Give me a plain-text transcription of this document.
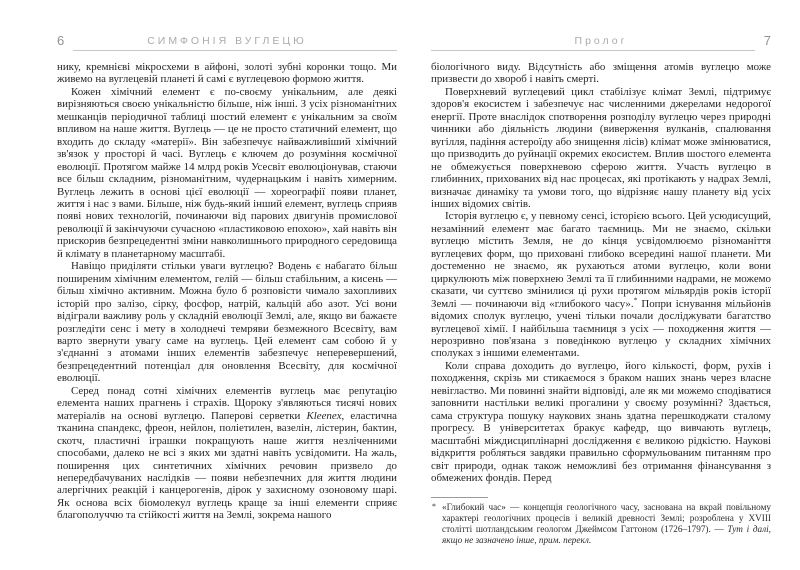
6	СИМФОНІЯ ВУГЛЕЦЮ

нику, кремнієві мікросхеми в айфоні, золоті зубні коронки тощо. Ми живемо на вуглецевій планеті й самі є вуглецевою формою життя.

Кожен хімічний елемент є по-своєму унікальним, але деякі вирізняються своєю унікальністю більше, ніж інші. З усіх різноманітних мешканців періодичної таблиці шостий елемент є унікальним за своїм впливом на наше життя. Вуглець — це не просто статичний елемент, що входить до складу «матерії». Він забезпечує найважливіший хімічний зв'язок у просторі й часі. Вуглець є ключем до розуміння космічної еволюції. Протягом майже 14 млрд років Усесвіт еволюціонував, стаючи все більш складним, різноманітним, чудернацьким і навіть химерним. Вуглець лежить в основі цієї еволюції — хореографії появи планет, життя і нас з вами. Більше, ніж будь-який інший елемент, вуглець сприяв появі нових технологій, починаючи від парових двигунів промислової революції й закінчуючи сучасною «пластиковою епохою», хай навіть він прискорив безпрецедентні зміни навколишнього природного середовища й клімату в планетарному масштабі.

Навіщо приділяти стільки уваги вуглецю? Водень є набагато більш поширеним хімічним елементом, гелій — більш стабільним, а кисень — більш хімічно активним. Можна було б розповісти чимало захопливих історій про залізо, сірку, фосфор, натрій, кальцій або азот. Усі вони відіграли важливу роль у складній еволюції Землі, але, якщо ви бажаєте розгледіти сенс і мету в холоднечі темряви безмежного Всесвіту, вам варто звернути увагу саме на вуглець. Цей елемент сам собою й у з'єднанні з атомами інших елементів забезпечує неперевершений, безпрецедентний потенціал для оновлення Всесвіту, для космічної еволюції.

Серед понад сотні хімічних елементів вуглець має репутацію елемента наших прагнень і страхів. Щороку з'являються тисячі нових матеріалів на основі вуглецю. Паперові серветки Kleenex, еластична тканина спандекс, фреон, нейлон, поліетилен, вазелін, лістерин, бактин, скотч, пластичні іграшки покращують наше життя незліченними способами, далеко не всі з яких ми здатні навіть усвідомити. На жаль, поширення цих синтетичних хімічних речовин призвело до непередбачуваних наслідків — появи небезпечних для життя людини алергічних реакцій і канцерогенів, дірок у захисному озоновому шарі. Як основа всіх біомолекул вуглець краще за інші елементи сприяє благополуччю та стійкості життя на Землі, зокрема нашого

Пролог	7

біологічного виду. Відсутність або зміщення атомів вуглецю може призвести до хвороб і навіть смерті.

Поверхневий вуглецевий цикл стабілізує клімат Землі, підтримує здоров'я екосистем і забезпечує нас численними джерелами недорогої енергії. Проте внаслідок спотворення розподілу вуглецю через природні чинники або діяльність людини (виверження вулканів, спалювання вугілля, падіння астероїду або знищення лісів) клімат може змінюватися, що призводить до руйнації окремих екосистем. Вплив шостого елемента не обмежується поверхневою сферою життя. Участь вуглецю в глибинних, прихованих від нас процесах, які протікають у надрах Землі, визначає динаміку та умови того, що відрізняє нашу планету від усіх інших відомих світів.

Історія вуглецю є, у певному сенсі, історією всього. Цей усюдисущий, незамінний елемент має багато таємниць. Ми не знаємо, скільки вуглецю містить Земля, не до кінця усвідомлюємо різноманіття вуглецевих форм, що приховані глибоко всередині нашої планети. Ми достеменно не знаємо, як рухаються атоми вуглецю, коли вони циркулюють між поверхнею Землі та її глибинними надрами, не можемо сказати, чи суттєво змінилися ці рухи протягом мільярдів років історії Землі — починаючи від «глибокого часу».* Попри існування мільйонів відомих сполук вуглецю, учені тільки почали досліджувати багатство вуглецевої хімії. І найбільша таємниця з усіх — походження життя — нерозривно пов'язана з поведінкою вуглецю у складних хімічних сполуках з іншими елементами.

Коли справа доходить до вуглецю, його кількості, форм, рухів і походження, скрізь ми стикаємося з браком наших знань через власне невігластво. Ми повинні знайти відповіді, але як ми можемо сподіватися заповнити настільки великі прогалини у своєму розумінні? Здається, сама структура пошуку наукових знань здатна перешкоджати сталому прогресу. В університетах бракує кафедр, що вивчають вуглець, масштабні міждисциплінарні дослідження є великою рідкістю. Наукові відкриття робляться завдяки правильно сформульованим питанням про світ природи, однак також неможливі без отримання фінансування з обмежених фондів. Перед

* «Глибокий час» — концепція геологічного часу, заснована на вкрай повільному характері геологічних процесів і великій древності Землі; розроблена у XVIII столітті шотландським геологом Джеймсом Гаттоном (1726–1797). — Тут і далі, якщо не зазначено інше, прим. перекл.
